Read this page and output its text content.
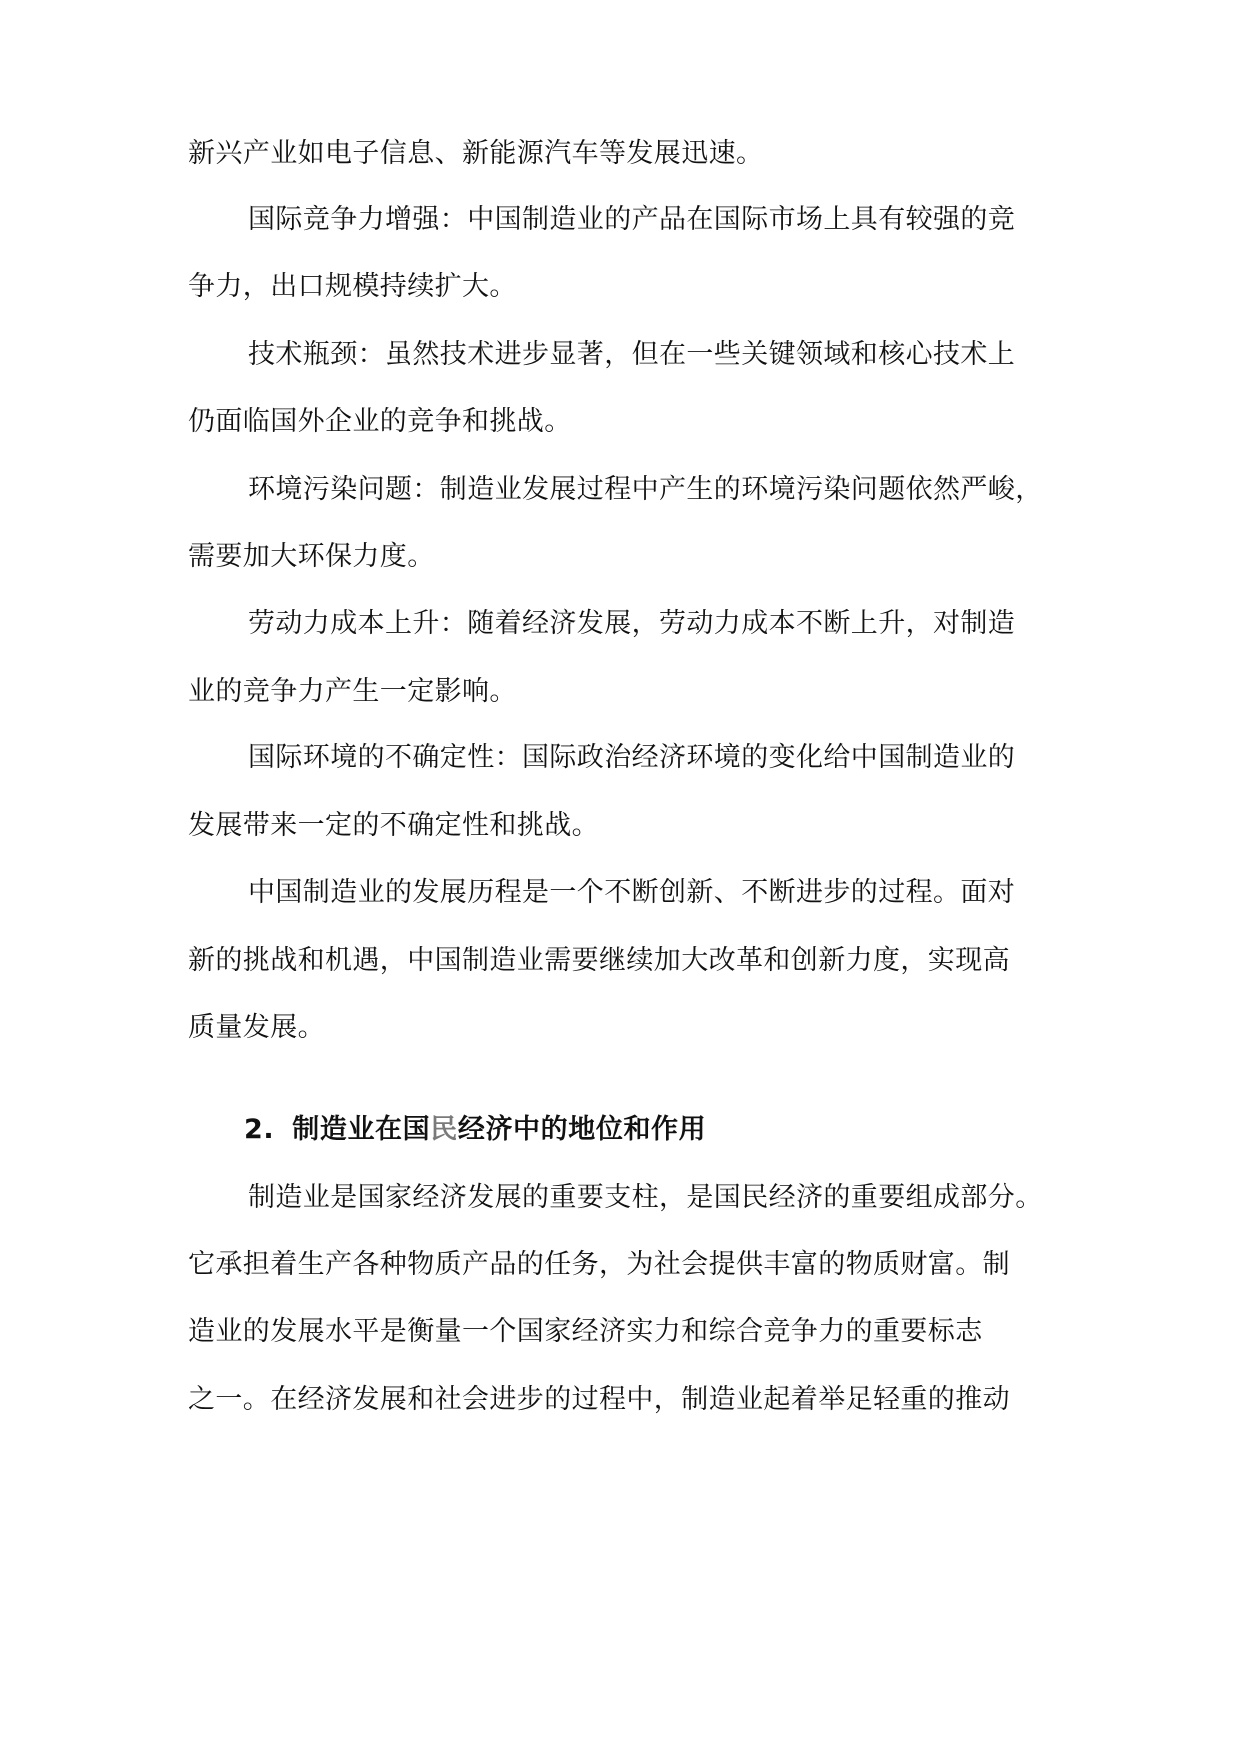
新兴产业如电子信息、新能源汽车等发展迅速。
国际竞争力增强：中国制造业的产品在国际市场上具有较强的竞
争力，出口规模持续扩大。
技术瓶颈：虽然技术进步显著，但在一些关键领域和核心技术上
仍面临国外企业的竞争和挑战。
环境污染问题：制造业发展过程中产生的环境污染问题依然严峻，
需要加大环保力度。
劳动力成本上升：随着经济发展，劳动力成本不断上升，对制造
业的竞争力产生一定影响。
国际环境的不确定性：国际政治经济环境的变化给中国制造业的
发展带来一定的不确定性和挑战。
中国制造业的发展历程是一个不断创新、不断进步的过程。面对
新的挑战和机遇，中国制造业需要继续加大改革和创新力度，实现高
质量发展。
2. 制造业在国民经济中的地位和作用
制造业是国家经济发展的重要支柱，是国民经济的重要组成部分。
它承担着生产各种物质产品的任务，为社会提供丰富的物质财富。制
造业的发展水平是衡量一个国家经济实力和综合竞争力的重要标志
之一。在经济发展和社会进步的过程中，制造业起着举足轻重的推动
